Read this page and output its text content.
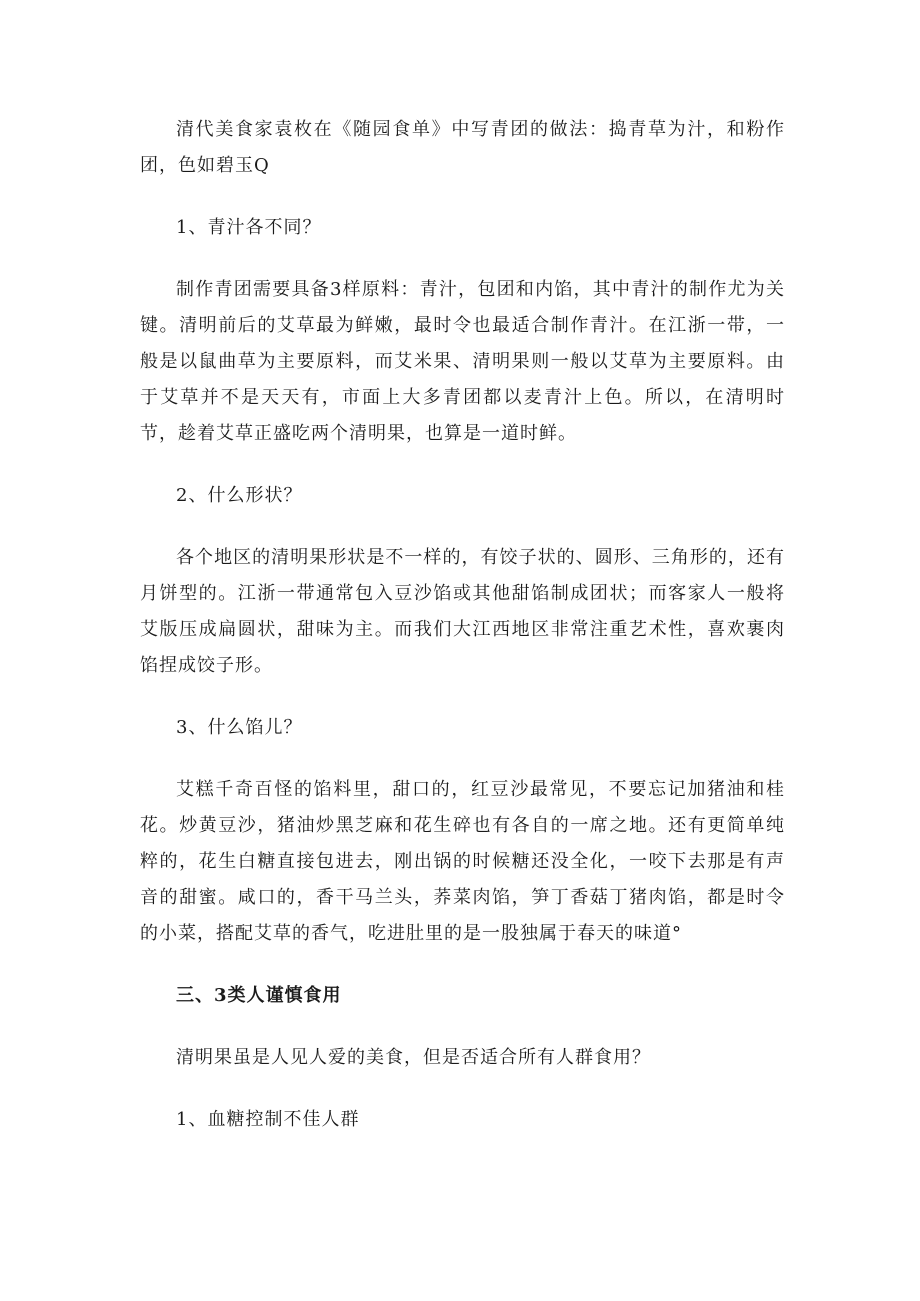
清代美食家袁枚在《随园食单》中写青团的做法：捣青草为汁，和粉作团，色如碧玉Q

1、青汁各不同？

制作青团需要具备3样原料：青汁，包团和内馅，其中青汁的制作尤为关键。清明前后的艾草最为鲜嫩，最时令也最适合制作青汁。在江浙一带，一般是以鼠曲草为主要原料，而艾米果、清明果则一般以艾草为主要原料。由于艾草并不是天天有，市面上大多青团都以麦青汁上色。所以，在清明时节，趁着艾草正盛吃两个清明果，也算是一道时鲜。

2、什么形状？

各个地区的清明果形状是不一样的，有饺子状的、圆形、三角形的，还有月饼型的。江浙一带通常包入豆沙馅或其他甜馅制成团状；而客家人一般将艾版压成扁圆状，甜味为主。而我们大江西地区非常注重艺术性，喜欢裹肉馅捏成饺子形。

3、什么馅儿？

艾糕千奇百怪的馅料里，甜口的，红豆沙最常见，不要忘记加猪油和桂花。炒黄豆沙，猪油炒黑芝麻和花生碎也有各自的一席之地。还有更简单纯粹的，花生白糖直接包进去，刚出锅的时候糖还没全化，一咬下去那是有声音的甜蜜。咸口的，香干马兰头，荞菜肉馅，笋丁香菇丁猪肉馅，都是时令的小菜，搭配艾草的香气，吃进肚里的是一股独属于春天的味道°

三、3类人谨慎食用

清明果虽是人见人爱的美食，但是否适合所有人群食用？

1、血糖控制不佳人群
